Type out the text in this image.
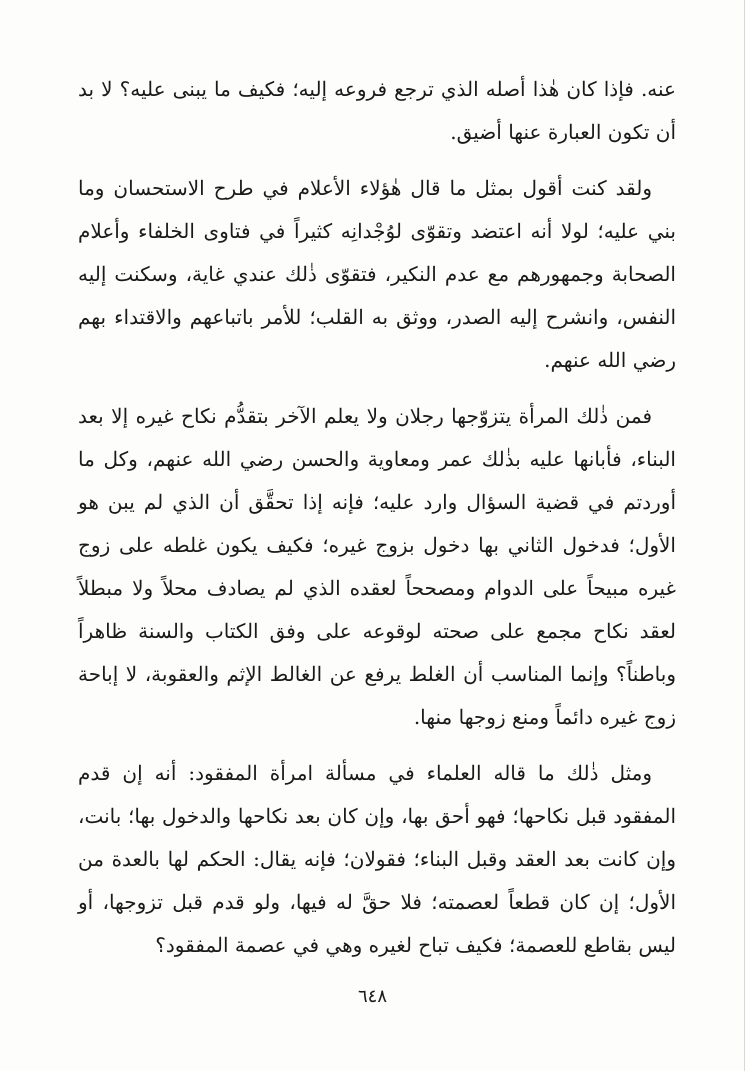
عنه. فإذا كان هٰذا أصله الذي ترجع فروعه إليه؛ فكيف ما يبنى عليه؟ لا بد أن تكون العبارة عنها أضيق.

ولقد كنت أقول بمثل ما قال هٰؤلاء الأعلام في طرح الاستحسان وما بني عليه؛ لولا أنه اعتضد وتقوّى لوُجْدانِه كثيراً في فتاوى الخلفاء وأعلام الصحابة وجمهورهم مع عدم النكير، فتقوّى ذٰلك عندي غاية، وسكنت إليه النفس، وانشرح إليه الصدر، ووثق به القلب؛ للأمر باتباعهم والاقتداء بهم رضي الله عنهم.

فمن ذٰلك المرأة يتزوّجها رجلان ولا يعلم الآخر بتقدُّم نكاح غيره إلا بعد البناء، فأبانها عليه بذٰلك عمر ومعاوية والحسن رضي الله عنهم، وكل ما أوردتم في قضية السؤال وارد عليه؛ فإنه إذا تحقَّق أن الذي لم يبن هو الأول؛ فدخول الثاني بها دخول بزوج غيره؛ فكيف يكون غلطه على زوج غيره مبيحاً على الدوام ومصححاً لعقده الذي لم يصادف محلاً ولا مبطلاً لعقد نكاح مجمع على صحته لوقوعه على وفق الكتاب والسنة ظاهراً وباطناً؟ وإنما المناسب أن الغلط يرفع عن الغالط الإثم والعقوبة، لا إباحة زوج غيره دائماً ومنع زوجها منها.

ومثل ذٰلك ما قاله العلماء في مسألة امرأة المفقود: أنه إن قدم المفقود قبل نكاحها؛ فهو أحق بها، وإن كان بعد نكاحها والدخول بها؛ بانت، وإن كانت بعد العقد وقبل البناء؛ فقولان؛ فإنه يقال: الحكم لها بالعدة من الأول؛ إن كان قطعاً لعصمته؛ فلا حقَّ له فيها، ولو قدم قبل تزوجها، أو ليس بقاطع للعصمة؛ فكيف تباح لغيره وهي في عصمة المفقود؟

٦٤٨
